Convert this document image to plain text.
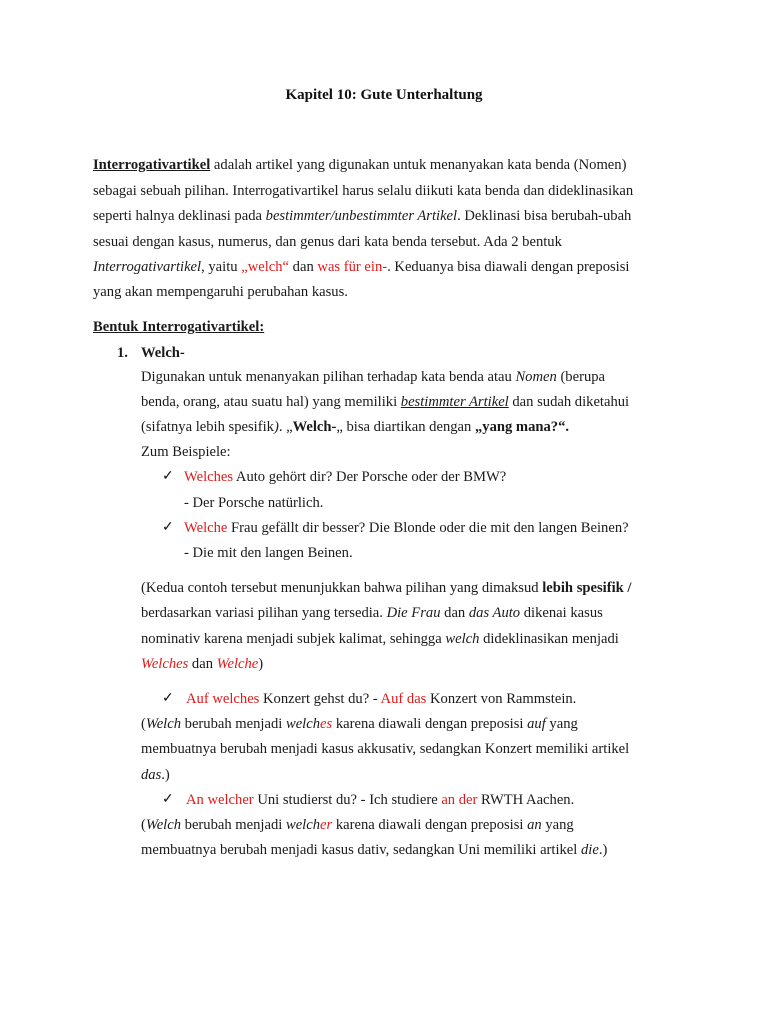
Kapitel 10: Gute Unterhaltung
Interrogativartikel adalah artikel yang digunakan untuk menanyakan kata benda (Nomen)
sebagai sebuah pilihan. Interrogativartikel harus selalu diikuti kata benda dan dideklinasikan
seperti halnya deklinasi pada bestimmter/unbestimmter Artikel. Deklinasi bisa berubah-ubah
sesuai dengan kasus, numerus, dan genus dari kata benda tersebut. Ada 2 bentuk
Interrogativartikel, yaitu „welch“ dan was für ein-. Keduanya bisa diawali dengan preposisi
yang akan mempengaruhi perubahan kasus.
Bentuk Interrogativartikel:
1. Welch-
Digunakan untuk menanyakan pilihan terhadap kata benda atau Nomen (berupa
benda, orang, atau suatu hal) yang memiliki bestimmter Artikel dan sudah diketahui
(sifatnya lebih spesifik). „Welch-„ bisa diartikan dengan „yang mana?“.
Zum Beispiele:
✓ Welches Auto gehört dir? Der Porsche oder der BMW?
- Der Porsche natürlich.
✓ Welche Frau gefällt dir besser? Die Blonde oder die mit den langen Beinen?
- Die mit den langen Beinen.
(Kedua contoh tersebut menunjukkan bahwa pilihan yang dimaksud lebih spesifik /
berdasarkan variasi pilihan yang tersedia. Die Frau dan das Auto dikenai kasus
nominativ karena menjadi subjek kalimat, sehingga welch dideklinasikan menjadi
Welches dan Welche)
✓ Auf welches Konzert gehst du? - Auf das Konzert von Rammstein.
(Welch berubah menjadi welches karena diawali dengan preposisi auf yang
membuatnya berubah menjadi kasus akkusativ, sedangkan Konzert memiliki artikel
das.)
✓ An welcher Uni studierst du? - Ich studiere an der RWTH Aachen.
(Welch berubah menjadi welcher karena diawali dengan preposisi an yang
membuatnya berubah menjadi kasus dativ, sedangkan Uni memiliki artikel die.)
